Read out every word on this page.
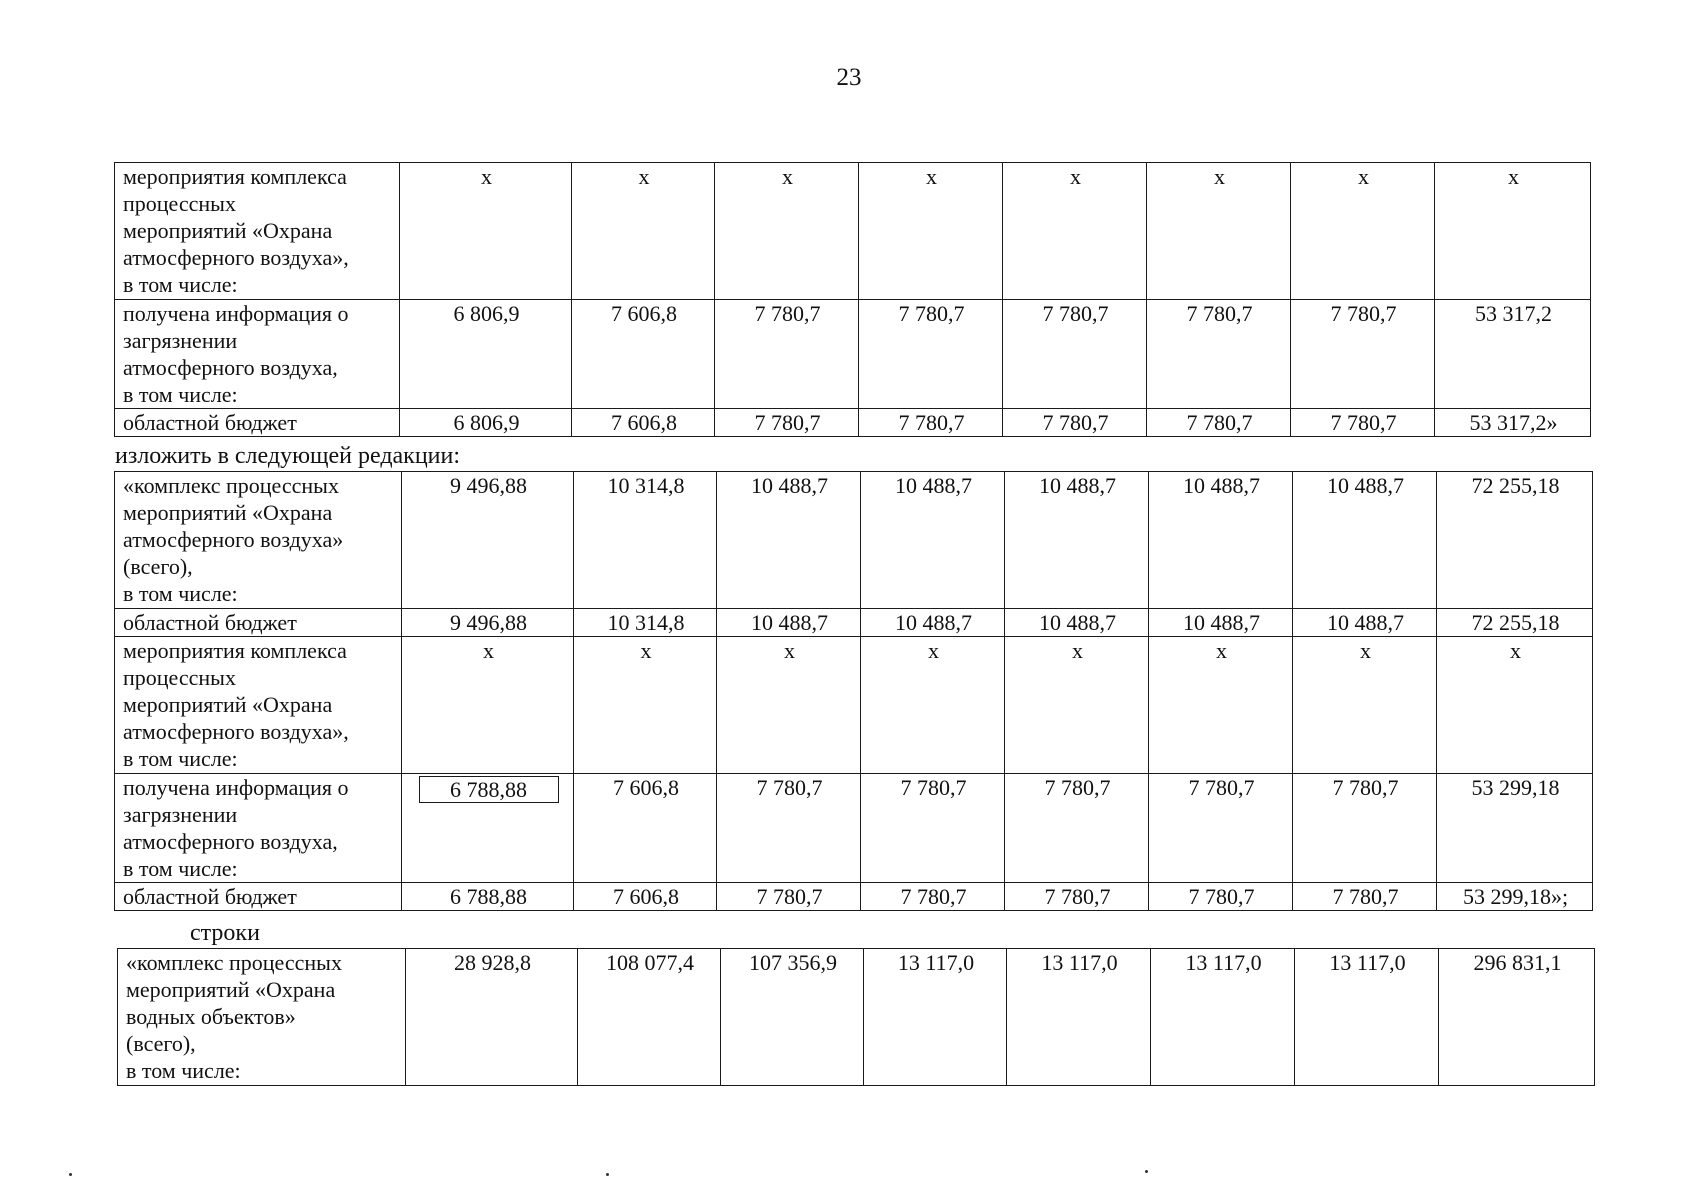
23
мероприятия комплекса
процессных
мероприятий «Охрана
атмосферного воздуха»,
в том числе:	x	x	x	x	x	x	x	x
получена информация о
загрязнении
атмосферного воздуха,
в том числе:	6 806,9	7 606,8	7 780,7	7 780,7	7 780,7	7 780,7	7 780,7	53 317,2
областной бюджет	6 806,9	7 606,8	7 780,7	7 780,7	7 780,7	7 780,7	7 780,7	53 317,2»
изложить в следующей редакции:
«комплекс процессных
мероприятий «Охрана
атмосферного воздуха»
(всего),
в том числе:	9 496,88	10 314,8	10 488,7	10 488,7	10 488,7	10 488,7	10 488,7	72 255,18
областной бюджет	9 496,88	10 314,8	10 488,7	10 488,7	10 488,7	10 488,7	10 488,7	72 255,18
мероприятия комплекса
процессных
мероприятий «Охрана
атмосферного воздуха»,
в том числе:	x	x	x	x	x	x	x	x
получена информация о
загрязнении
атмосферного воздуха,
в том числе:	6 788,88	7 606,8	7 780,7	7 780,7	7 780,7	7 780,7	7 780,7	53 299,18
областной бюджет	6 788,88	7 606,8	7 780,7	7 780,7	7 780,7	7 780,7	7 780,7	53 299,18»;
строки
«комплекс процессных
мероприятий «Охрана
водных объектов»
(всего),
в том числе:	28 928,8	108 077,4	107 356,9	13 117,0	13 117,0	13 117,0	13 117,0	296 831,1
